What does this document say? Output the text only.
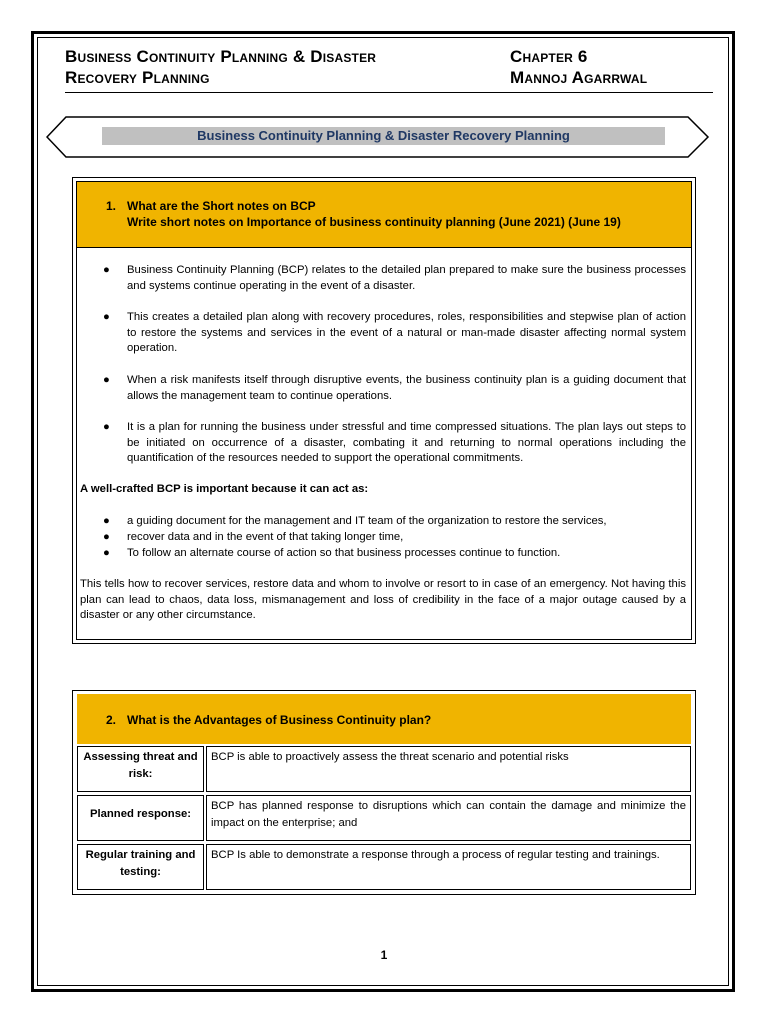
Business Continuity Planning & Disaster
Recovery Planning
Chapter 6
Mannoj Agarrwal
Business Continuity Planning & Disaster Recovery Planning
1. What are the Short notes on BCP
Write short notes on Importance of business continuity planning (June 2021) (June 19)
● Business Continuity Planning (BCP) relates to the detailed plan prepared to make sure the business processes and systems continue operating in the event of a disaster.
● This creates a detailed plan along with recovery procedures, roles, responsibilities and stepwise plan of action to restore the systems and services in the event of a natural or man-made disaster affecting normal system operation.
● When a risk manifests itself through disruptive events, the business continuity plan is a guiding document that allows the management team to continue operations.
● It is a plan for running the business under stressful and time compressed situations. The plan lays out steps to be initiated on occurrence of a disaster, combating it and returning to normal operations including the quantification of the resources needed to support the operational commitments.
A well-crafted BCP is important because it can act as:
● a guiding document for the management and IT team of the organization to restore the services,
● recover data and in the event of that taking longer time,
● To follow an alternate course of action so that business processes continue to function.
This tells how to recover services, restore data and whom to involve or resort to in case of an emergency. Not having this plan can lead to chaos, data loss, mismanagement and loss of credibility in the face of a major outage caused by a disaster or any other circumstance.
2. What is the Advantages of Business Continuity plan?
Assessing threat and risk:
BCP is able to proactively assess the threat scenario and potential risks
Planned response:
BCP has planned response to disruptions which can contain the damage and minimize the impact on the enterprise; and
Regular training and testing:
BCP Is able to demonstrate a response through a process of regular testing and trainings.
1
